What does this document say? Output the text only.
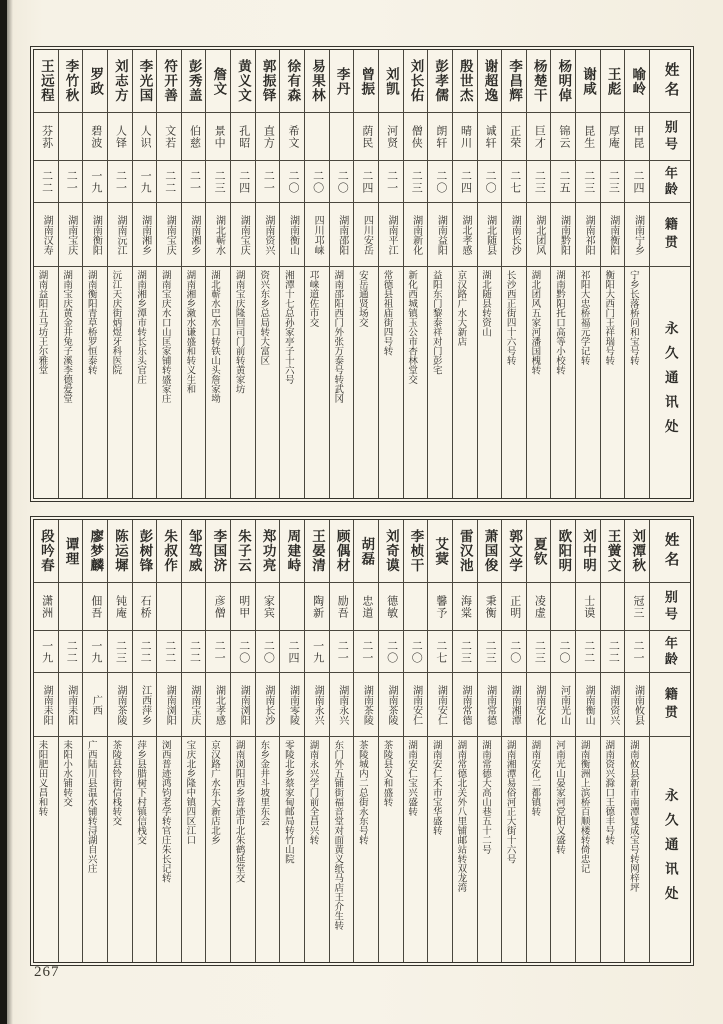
王远程
芬荪
二二
湖南汉寿
湖南益阳五马坊王尔雅堂
李竹秋
二一
湖南宝庆
湖南宝庆黄金井兔子溪李德爱堂
罗政
碧波
一九
湖南衡阳
湖南衡阳青草桥罗恒泰转
刘志方
人铎
二一
湖南沅江
沅江天庆街炳煜牙科医院
李光国
人识
一九
湖南湘乡
湖南湘乡潭市转长乐头官庄
符开善
文若
二二
湖南宝庆
湖南宝庆水口山匡家铺转盛家庄
彭秀盖
伯慈
二一
湖南湘乡
湖南湘乡潄水谦盛和转义生和
詹文
景中
二三
湖北蕲水
湖北蕲水巴水口转铁山头詹家坳
黄义文
孔昭
二四
湖南宝庆
湖南宝庆隆回司门前转黄家坊
郭振铎
直方
二一
湖南资兴
资兴东乡总局转大富区
徐有森
希文
二〇
湖南衡山
湘潭十七总孙家亭子十六号
易果林
二〇
四川邛崃
邛崃道佐市交
李丹
二〇
湖南邵阳
湖南邵阳西门外张万泰号转武冈
曾振
荫民
二四
四川安岳
安岳通贤场交
刘凯
河贤
二一
湖南平江
常德县祖庙街四号转
刘长佑
僧侠
二三
湖南新化
新化西城镇玉公市杏林堂交
彭孝儒
朗轩
二〇
湖南益阳
益阳东门黎泰祥对门彭宅
殷世杰
晴川
二四
湖北孝感
京汉路广水大新店
谢超逸
诚轩
二〇
湖北随县
湖北随县转资山
李昌辉
正荣
二七
湖南长沙
长沙西正街四十六号转
杨楚干
巨才
二三
湖北团风
湖北团风五家河潘国槐转
杨明倬
锦云
二五
湖南黔阳
湖南黔阳托口高等小校转
谢咸
昆生
二三
湖南祁阳
祁阳大忠桥福元学记转
王彪
厚庵
二三
湖南衡阳
衡阳大西门王祥瑞号转
喻岭
甲昆
二四
湖南宁乡
宁乡长落桥问和宝号转
姓名
别号
年龄
籍贯
永久通讯处
段吟春
潇洲
一九
湖南耒阳
耒阳肥田义昌和转
谭理
二二
湖南耒阳
耒阳小水铺转交
廖梦麟
佃吾
一九
广西
广西陆川县温水铺转浔湖自兴庄
陈运墀
钝庵
二三
湖南茶陵
茶陵县铃街信栈转交
彭树锋
石桥
二二
江西萍乡
萍乡县腊树下村镇信栈交
朱叔作
二二
湖南浏阳
浏西普迹鸿钧老学转官庄朱长记转
邹笃威
二二
湖南宝庆
宝庆北乡隆中镇四区江口
李国济
彦僧
二一
湖北孝感
京汉路广水东大新店北乡
朱子云
明甲
二〇
湖南浏阳
湖南浏阳西乡普迹市北朱鹤延堂交
郑功亮
家宾
二〇
湖南长沙
东乡金井斗坡里东会
周建峙
二四
湖南零陵
零陵北乡蔡家甸邮局转竹山院
王晏清
陶新
一九
湖南永兴
湖南永兴学门前全昌兴转
顾偶材
励吾
二一
湖南永兴
东门外五铺街福音堂对面黄义纸马店王介生转
胡磊
忠道
二一
湖南茶陵
茶陵城内二总街永东号转
刘奇谟
德敏
二〇
湖南茶陵
茶陵县义和盛转
李桢干
二〇
湖南安仁
湖南安仁宝兴盛转
艾蓂
馨予
二七
湖南安仁
湖南安仁禾市宝华盛转
雷汉池
海棠
二三
湖南常德
湖南常德北关外八里铺邮站转双龙湾
萧国俊
秉衡
二三
湖南常德
湖南常德大高山巷五十二号
郭文学
正明
二〇
湖南湘潭
湖南湘潭易俗河正大街十六号
夏钦
凌虚
二三
湖南安化
湖南安化二都镇转
欧阳明
二〇
河南光山
河南光山晏家河党阳义盛转
刘中明
士谟
二二
湖南衡山
湖南衡洲上滨桥百顺楼转倚忠记
王黉文
二二
湖南资兴
湖南资兴滁口王德丰号转
刘潭秋
冠三
二一
湖南攸县
湖南攸县新市南潭复成宝号转网梓坪
姓名
别号
年龄
籍贯
永久通讯处
267
